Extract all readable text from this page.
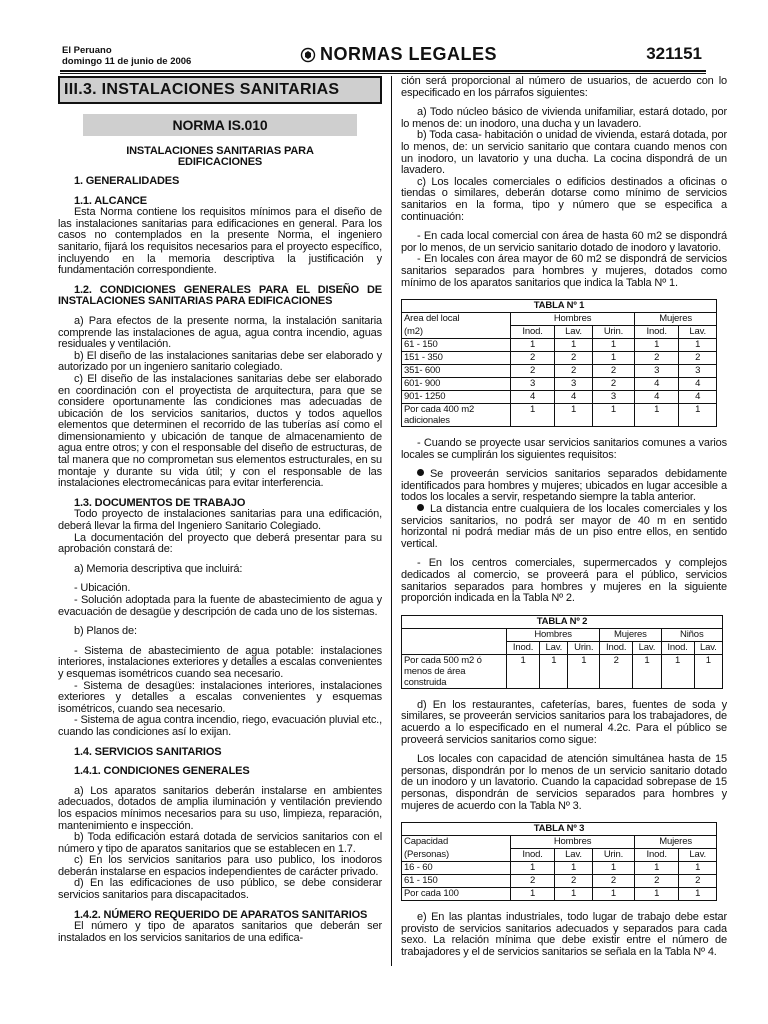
El Peruano
domingo 11 de junio de 2006	NORMAS LEGALES	321151
III.3. INSTALACIONES SANITARIAS
NORMA IS.010

INSTALACIONES SANITARIAS PARA

EDIFICACIONES

1. GENERALIDADES

1.1. ALCANCE

Esta Norma contiene los requisitos mínimos para el diseño de las instalaciones sanitarias para edificaciones en general. Para los casos no contemplados en la presente Norma, el ingeniero sanitario, fijará los requisitos necesarios para el proyecto específico, incluyendo en la memoria descriptiva la justificación y fundamentación correspondiente.

1.2. CONDICIONES GENERALES PARA EL DISEÑO DE INSTALACIONES SANITARIAS PARA EDIFICACIONES

a) Para efectos de la presente norma, la instalación sanitaria comprende las instalaciones de agua, agua contra incendio, aguas residuales y ventilación.

b) El diseño de las instalaciones sanitarias debe ser elaborado y autorizado por un ingeniero sanitario colegiado.

c) El diseño de las instalaciones sanitarias debe ser elaborado en coordinación con el proyectista de arquitectura, para que se considere oportunamente las condiciones mas adecuadas de ubicación de los servicios sanitarios, ductos y todos aquellos elementos que determinen el recorrido de las tuberías así como el dimensionamiento y ubicación de tanque de almacenamiento de agua entre otros; y con el responsable del diseño de estructuras, de tal manera que no comprometan sus elementos estructurales, en su montaje y durante su vida útil; y con el responsable de las instalaciones electromecánicas para evitar interferencia.

1.3. DOCUMENTOS DE TRABAJO

Todo proyecto de instalaciones sanitarias para una edificación, deberá llevar la firma del Ingeniero Sanitario Colegiado.

La documentación del proyecto que deberá presentar para su aprobación constará de:

a) Memoria descriptiva que incluirá:

- Ubicación.

- Solución adoptada para la fuente de abastecimiento de agua y evacuación de desagüe y descripción de cada uno de los sistemas.

b) Planos de:

- Sistema de abastecimiento de agua potable: instalaciones interiores, instalaciones exteriores y detalles a escalas convenientes y esquemas isométricos cuando sea necesario.

- Sistema de desagües: instalaciones interiores, instalaciones exteriores y detalles a escalas convenientes y esquemas isométricos, cuando sea necesario.

- Sistema de agua contra incendio, riego, evacuación pluvial etc., cuando las condiciones así lo exijan.

1.4. SERVICIOS SANITARIOS

1.4.1. CONDICIONES GENERALES

a) Los aparatos sanitarios deberán instalarse en ambientes adecuados, dotados de amplia iluminación y ventilación previendo los espacios mínimos necesarios para su uso, limpieza, reparación, mantenimiento e inspección.

b) Toda edificación estará dotada de servicios sanitarios con el número y tipo de aparatos sanitarios que se establecen en 1.7.

c) En los servicios sanitarios para uso publico, los inodoros deberán instalarse en espacios independientes de carácter privado.

d) En las edificaciones de uso público, se debe considerar servicios sanitarios para discapacitados.

1.4.2. NÚMERO REQUERIDO DE APARATOS SANITARIOS

El número y tipo de aparatos sanitarios que deberán ser instalados en los servicios sanitarios de una edifica-

ción será proporcional al número de usuarios, de acuerdo con lo especificado en los párrafos siguientes:

a) Todo núcleo básico de vivienda unifamiliar, estará dotado, por lo menos de: un inodoro, una ducha y un lavadero.

b) Toda casa- habitación o unidad de vivienda, estará dotada, por lo menos, de: un servicio sanitario que contara cuando menos con un inodoro, un lavatorio y una ducha. La cocina dispondrá de un lavadero.

c) Los locales comerciales o edificios destinados a oficinas o tiendas o similares, deberán dotarse como mínimo de servicios sanitarios en la forma, tipo y número que se especifica a continuación:

- En cada local comercial con área de hasta 60 m2 se dispondrá por lo menos, de un servicio sanitario dotado de inodoro y lavatorio.

- En locales con área mayor de 60 m2 se dispondrá de servicios sanitarios separados para hombres y mujeres, dotados como mínimo de los aparatos sanitarios que indica la Tabla Nº 1.

TABLA Nº 1					
Area del local	Hombres			Mujeres	
(m2)	Inod.	Lav.	Urin.	Inod.	Lav.
61 - 150	1	1	1	1	1
151 - 350	2	2	1	2	2
351- 600	2	2	2	3	3
601- 900	3	3	2	4	4
901- 1250	4	4	3	4	4
Por cada 400 m2
adicionales	1	1	1	1	1

- Cuando se proyecte usar servicios sanitarios comunes a varios locales se cumplirán los siguientes requisitos:

Se proveerán servicios sanitarios separados debidamente identificados para hombres y mujeres; ubicados en lugar accesible a todos los locales a servir, respetando siempre la tabla anterior.

La distancia entre cualquiera de los locales comerciales y los servicios sanitarios, no podrá ser mayor de 40 m en sentido horizontal ni podrá mediar más de un piso entre ellos, en sentido vertical.

- En los centros comerciales, supermercados y complejos dedicados al comercio, se proveerá para el público, servicios sanitarios separados para hombres y mujeres en la siguiente proporción indicada en la Tabla Nº 2.

TABLA Nº 2							
	Hombres			Mujeres		Niños	
	Inod.	Lav.	Urin.	Inod.	Lav.	Inod.	Lav.
Por cada 500 m2 ó
menos de área
construida	1	1	1	2	1	1	1

d) En los restaurantes, cafeterías, bares, fuentes de soda y similares, se proveerán servicios sanitarios para los trabajadores, de acuerdo a lo especificado en el numeral 4.2c. Para el público se proveerá servicios sanitarios como sigue:

Los locales con capacidad de atención simultánea hasta de 15 personas, dispondrán por lo menos de un servicio sanitario dotado de un inodoro y un lavatorio. Cuando la capacidad sobrepase de 15 personas, dispondrán de servicios separados para hombres y mujeres de acuerdo con la Tabla Nº 3.

TABLA Nº 3					
Capacidad	Hombres			Mujeres	
(Personas)	Inod.	Lav.	Urin.	Inod.	Lav.
16 - 60	1	1	1	1	1
61 - 150	2	2	2	2	2
Por cada 100	1	1	1	1	1

e) En las plantas industriales, todo lugar de trabajo debe estar provisto de servicios sanitarios adecuados y separados para cada sexo. La relación mínima que debe existir entre el número de trabajadores y el de servicios sanitarios se señala en la Tabla Nº 4.
